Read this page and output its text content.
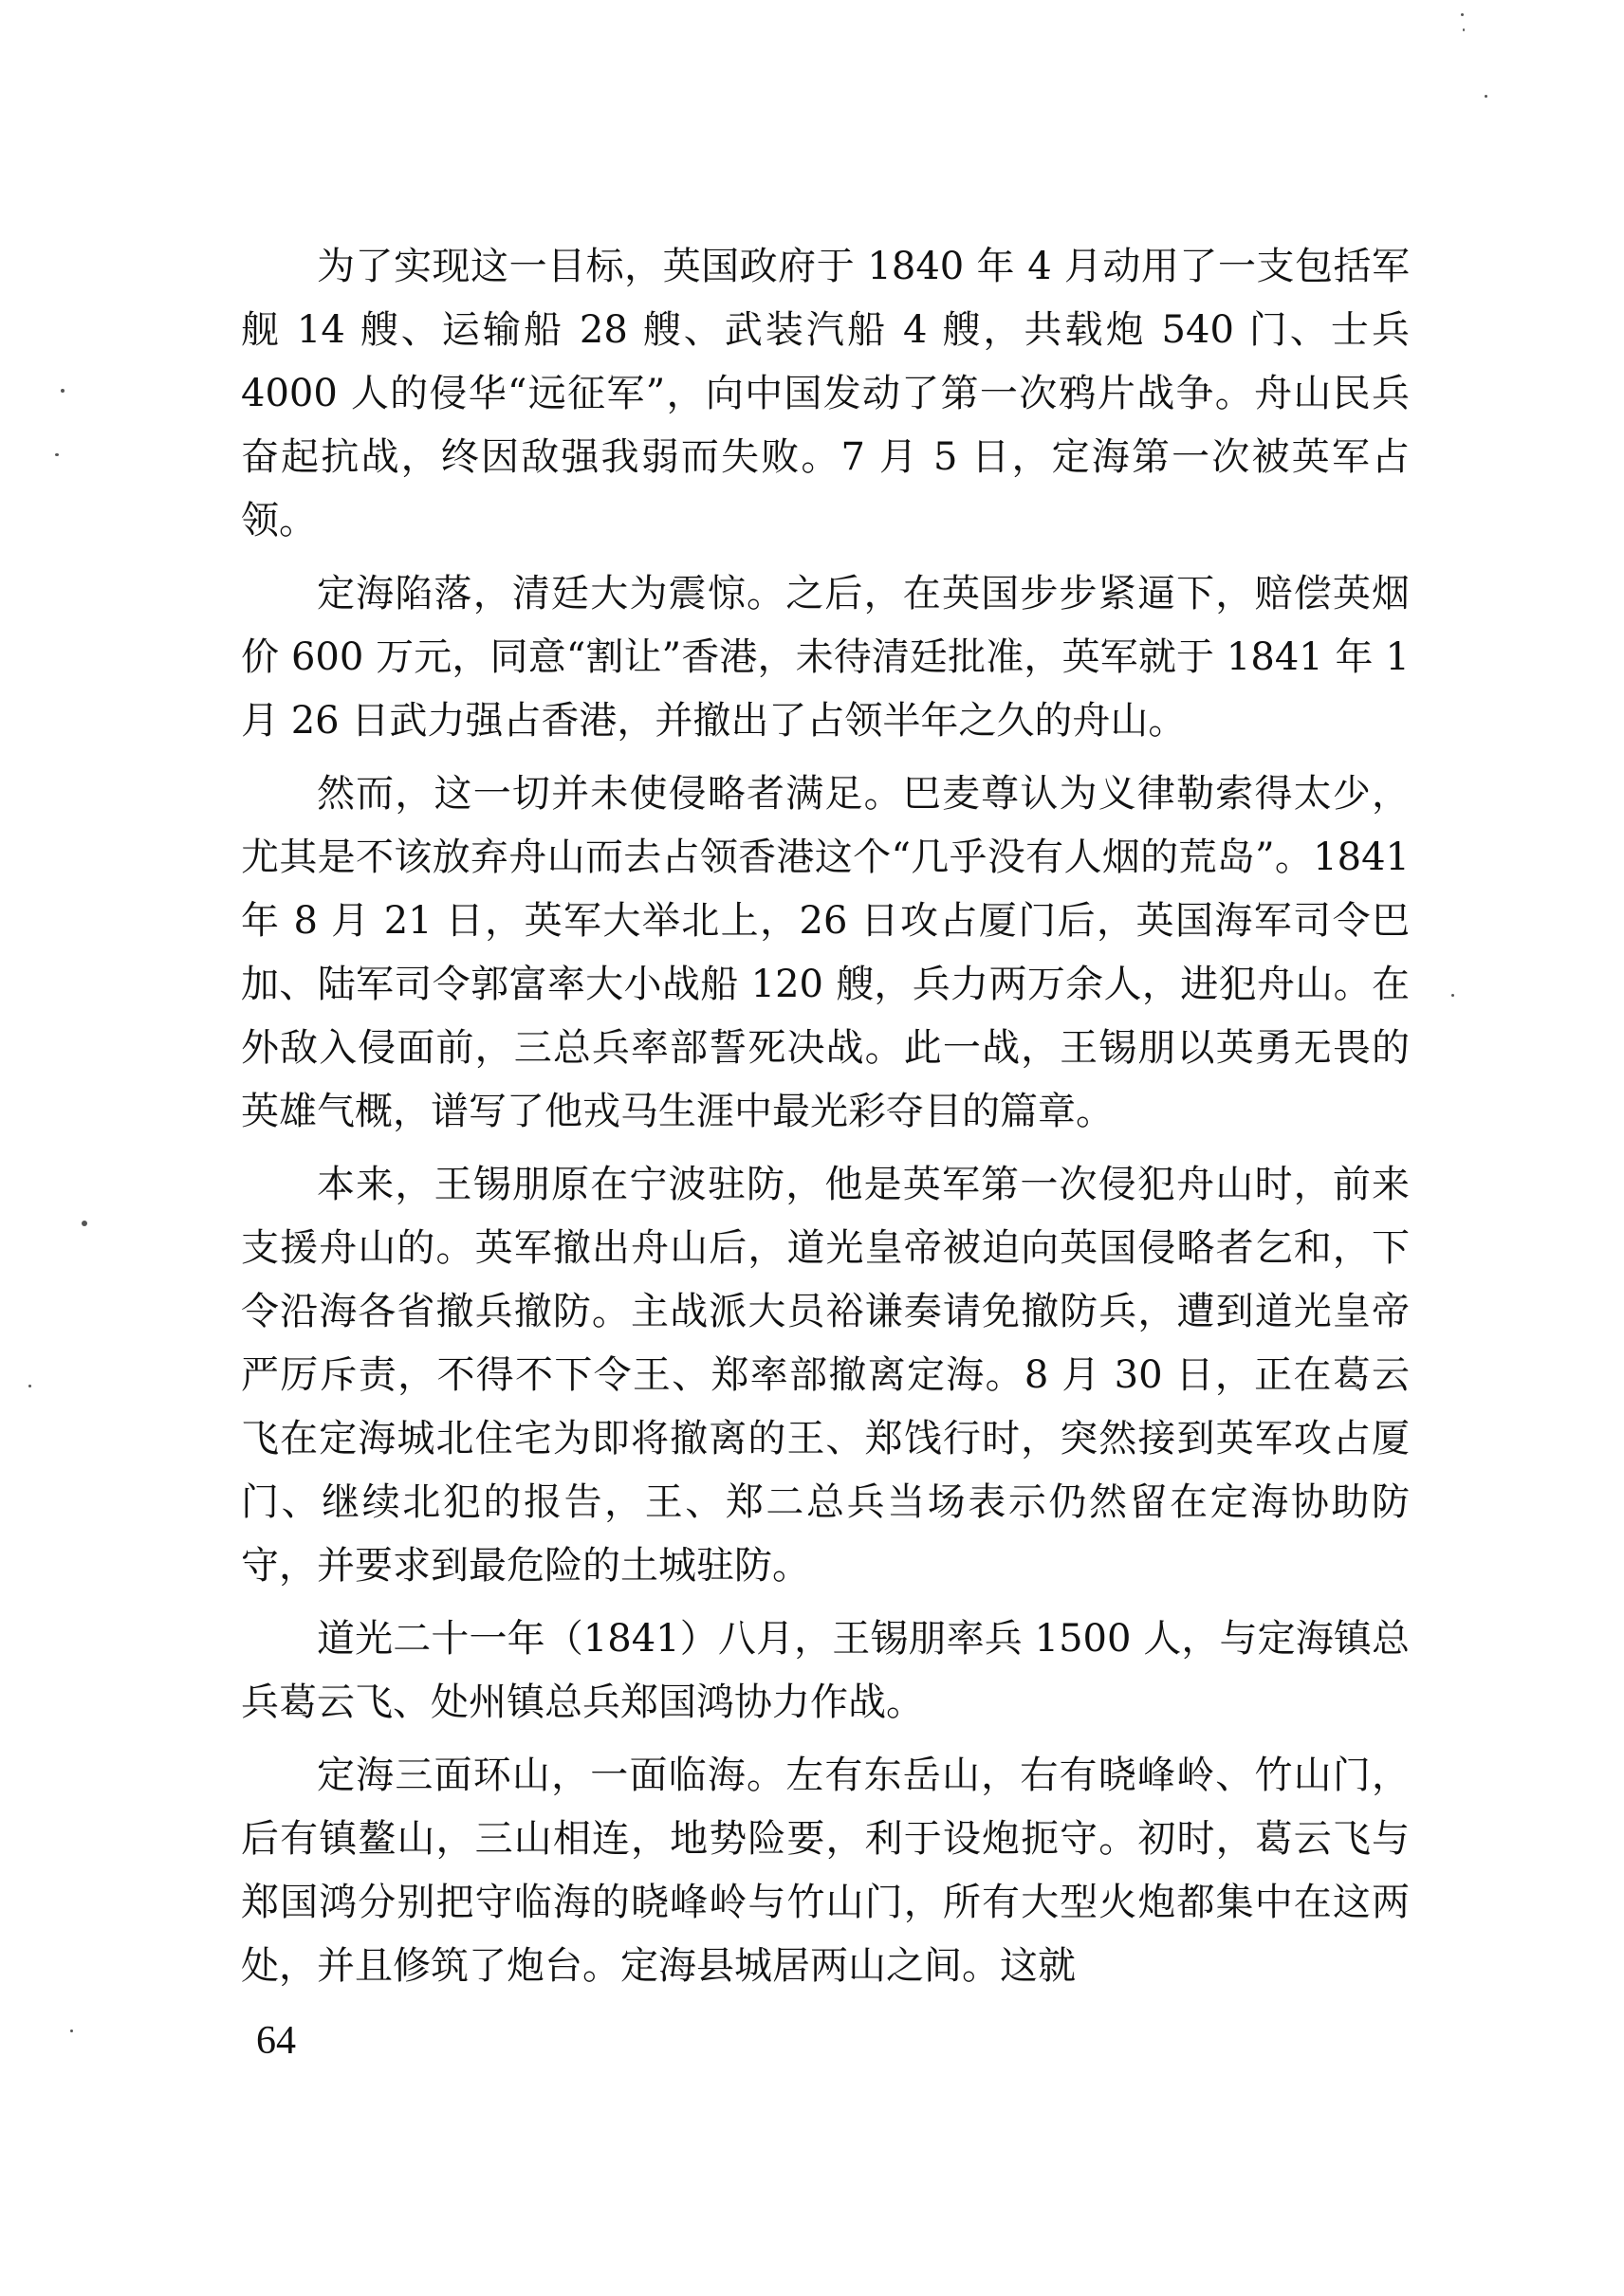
为了实现这一目标，英国政府于 1840 年 4 月动用了一支包括军舰 14 艘、运输船 28 艘、武装汽船 4 艘，共载炮 540 门、士兵 4000 人的侵华“远征军”，向中国发动了第一次鸦片战争。舟山民兵奋起抗战，终因敌强我弱而失败。7 月 5 日，定海第一次被英军占领。

定海陷落，清廷大为震惊。之后，在英国步步紧逼下，赔偿英烟价 600 万元，同意“割让”香港，未待清廷批准，英军就于 1841 年 1 月 26 日武力强占香港，并撤出了占领半年之久的舟山。

然而，这一切并未使侵略者满足。巴麦尊认为义律勒索得太少，尤其是不该放弃舟山而去占领香港这个“几乎没有人烟的荒岛”。1841 年 8 月 21 日，英军大举北上，26 日攻占厦门后，英国海军司令巴加、陆军司令郭富率大小战船 120 艘，兵力两万余人，进犯舟山。在外敌入侵面前，三总兵率部誓死决战。此一战，王锡朋以英勇无畏的英雄气概，谱写了他戎马生涯中最光彩夺目的篇章。

本来，王锡朋原在宁波驻防，他是英军第一次侵犯舟山时，前来支援舟山的。英军撤出舟山后，道光皇帝被迫向英国侵略者乞和，下令沿海各省撤兵撤防。主战派大员裕谦奏请免撤防兵，遭到道光皇帝严厉斥责，不得不下令王、郑率部撤离定海。8 月 30 日，正在葛云飞在定海城北住宅为即将撤离的王、郑饯行时，突然接到英军攻占厦门、继续北犯的报告，王、郑二总兵当场表示仍然留在定海协助防守，并要求到最危险的土城驻防。

道光二十一年（1841）八月，王锡朋率兵 1500 人，与定海镇总兵葛云飞、处州镇总兵郑国鸿协力作战。

定海三面环山，一面临海。左有东岳山，右有晓峰岭、竹山门，后有镇鳌山，三山相连，地势险要，利于设炮扼守。初时，葛云飞与郑国鸿分别把守临海的晓峰岭与竹山门，所有大型火炮都集中在这两处，并且修筑了炮台。定海县城居两山之间。这就

64
